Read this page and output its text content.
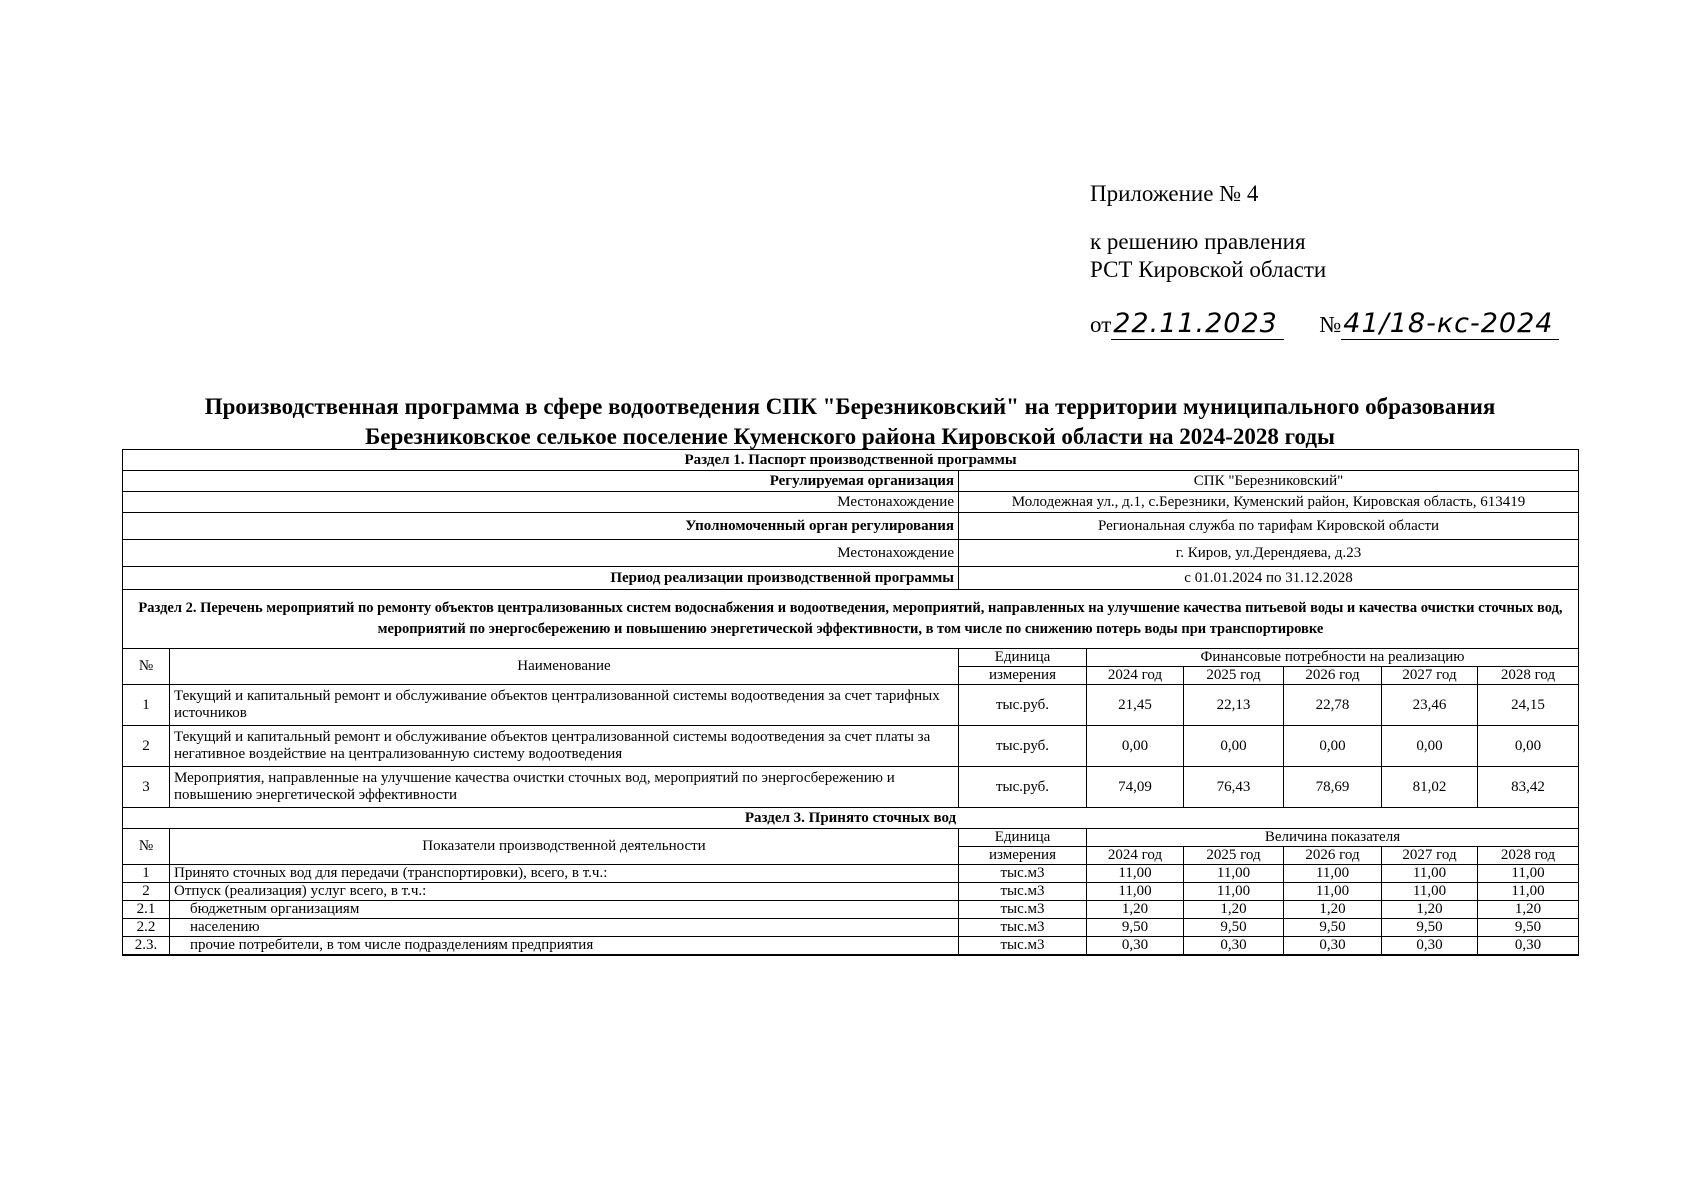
Приложение № 4
к решению правления
РСТ Кировской области
от22.11.2023 №41/18-кс-2024
Производственная программа в сфере водоотведения СПК "Березниковский" на территории муниципального образования
Березниковское селькое поселение Куменского района Кировской области на 2024-2028 годы
Раздел 1. Паспорт производственной программы							
Регулируемая организация		СПК "Березниковский"					
Местонахождение		Молодежная ул., д.1, с.Березники, Куменский район, Кировская область, 613419					
Уполномоченный орган регулирования		Региональная служба по тарифам Кировской области					
Местонахождение		г. Киров, ул.Дерендяева, д.23					
Период реализации производственной программы		с 01.01.2024 по 31.12.2028					
Раздел 2. Перечень мероприятий по ремонту объектов централизованных систем водоснабжения и водоотведения, мероприятий, направленных на улучшение качества питьевой воды и качества очистки сточных вод, мероприятий по энергосбережению и повышению энергетической эффективности, в том числе по снижению потерь воды при транспортировке							
№	Наименование	Единица	Финансовые потребности на реализацию				
		измерения	2024 год	2025 год	2026 год	2027 год	2028 год
1	Текущий и капитальный ремонт и обслуживание объектов централизованной системы водоотведения за счет тарифных источников	тыс.руб.	21,45	22,13	22,78	23,46	24,15
2	Текущий и капитальный ремонт и обслуживание объектов централизованной системы водоотведения за счет платы за негативное воздействие на централизованную систему водоотведения	тыс.руб.	0,00	0,00	0,00	0,00	0,00
3	Мероприятия, направленные на улучшение качества очистки сточных вод, мероприятий по энергосбережению и повышению энергетической эффективности	тыс.руб.	74,09	76,43	78,69	81,02	83,42
Раздел 3. Принято сточных вод							
№	Показатели производственной деятельности	Единица	Величина показателя				
		измерения	2024 год	2025 год	2026 год	2027 год	2028 год
1	Принято сточных вод для передачи (транспортировки), всего, в т.ч.:	тыс.м3	11,00	11,00	11,00	11,00	11,00
2	Отпуск (реализация) услуг всего, в т.ч.:	тыс.м3	11,00	11,00	11,00	11,00	11,00
2.1	бюджетным организациям	тыс.м3	1,20	1,20	1,20	1,20	1,20
2.2	населению	тыс.м3	9,50	9,50	9,50	9,50	9,50
2.3.	прочие потребители, в том числе подразделениям предприятия	тыс.м3	0,30	0,30	0,30	0,30	0,30
